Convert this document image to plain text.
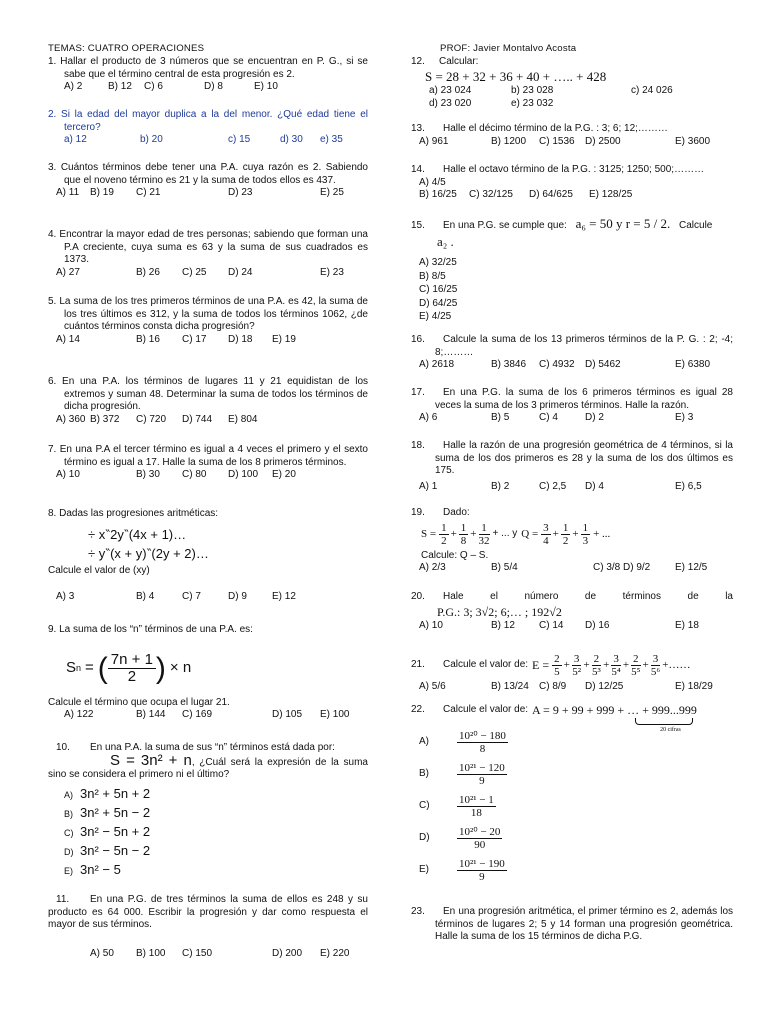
TEMAS: CUATRO OPERACIONES	PROF: Javier Montalvo Acosta
1. Hallar el producto de 3 números que se encuentran en P. G., si se sabe que el término central de esta progresión es 2.
A) 2	B) 12 C) 6	D) 8	E) 10
2. Si la edad del mayor duplica a la del menor. ¿Qué edad tiene el tercero?
a) 12	b) 20	c) 15	d) 30 e) 35
3. Cuántos términos debe tener una P.A. cuya razón es 2. Sabiendo que el noveno término es 21 y la suma de todos ellos es 437.
A) 11 B) 19 C) 21	D) 23	E) 25
4. Encontrar la mayor edad de tres personas; sabiendo que forman una P.A creciente, cuya suma es 63 y la suma de sus cuadrados es 1373.
A) 27	B) 26 C) 25 D) 24	E) 23
5. La suma de los tres primeros términos de una P.A. es 42, la suma de los tres últimos es 312, y la suma de todos los términos 1062, ¿de cuántos términos consta dicha progresión?
A) 14	B) 16 C) 17 D) 18 E) 19
6. En una P.A. los términos de lugares 11 y 21 equidistan de los extremos y suman 48. Determinar la suma de todos los términos de dicha progresión.
A) 360 B) 372 C) 720 D) 744 E) 804
7. En una P.A el tercer término es igual a 4 veces el primero y el sexto término es igual a 17. Halle la suma de los 8 primeros términos.
A) 10	B) 30 C) 80 D) 100 E) 20
8. Dadas las progresiones aritméticas:
÷ x‶2y‶(4x + 1)…
÷ y‶(x + y)‶(2y + 2)…
Calcule el valor de (xy)
A) 3	B) 4	C) 7	D) 9	E) 12
9. La suma de los “n” términos de una P.A. es:
S n = ( $\frac{7n + 1}{2}$ ) × n
Calcule el término que ocupa el lugar 21.
A) 122	B) 144 C) 169	D) 105 E) 100
10. En una P.A. la suma de sus “n” términos está dada por:
S = 3n² + n, ¿Cuál será la expresión de la suma sino se considera el primero ni el último?
A) 3n² + 5n + 2
B) 3n² + 5n − 2
C) 3n² − 5n + 2
D) 3n² − 5n − 2
E) 3n² − 5
11. En una P.G. de tres términos la suma de ellos es 248 y su producto es 64 000. Escribir la progresión y dar como respuesta el mayor de sus términos.
A) 50 B) 100 C) 150	D) 200 E) 220
12. Calcular:
S = 28 + 32 + 36 + 40 + ….. + 428
a) 23 024	b) 23 028	c) 24 026
d) 23 020	e) 23 032
13. Halle el décimo término de la P.G. : 3; 6; 12;………
A) 961	B) 1200 C) 1536 D) 2500	E) 3600
14. Halle el octavo término de la P.G. : 3125; 1250; 500;………
A) 4/5
B) 16/25 C) 32/125 D) 64/625 E) 128/25
15. En una P.G. se cumple que: a₆ = 50 y r = 5 / 2. Calcule
a₂ .
A) 32/25
B) 8/5
C) 16/25
D) 64/25
E) 4/25
16. Calcule la suma de los 13 primeros términos de la P. G. : 2; -4; 8;………
A) 2618	B) 3846 C) 4932 D) 5462	E) 6380
17. En una P.G. la suma de los 6 primeros términos es igual 28 veces la suma de los 3 primeros términos. Halle la razón.
A) 6	B) 5	C) 4	D) 2	E) 3
18. Halle la razón de una progresión geométrica de 4 términos, si la suma de los dos primeros es 28 y la suma de los dos últimos es 175.
A) 1	B) 2	C) 2,5 D) 4	E) 6,5
19. Dado:
$S = \frac{1}{2} + \frac{1}{8} + \frac{1}{32}$ + ... y $Q = \frac{3}{4} + \frac{1}{2} + \frac{1}{3}$ + ...
Calcule: Q – S.
A) 2/3	B) 5/4	C) 3/8 D) 9/2 E) 12/5
20. Hale el número de términos de la
P.G.: 3; 3√2; 6;… ; 192√2
A) 10	B) 12 C) 14 D) 16	E) 18
21.	Calcule el valor de: $E = \frac{2}{5} + \frac{3}{\text{5²}} + \frac{2}{\text{5³}} + \frac{3}{\text{5⁴}} + \frac{2}{\text{5⁵}} + \frac{3}{\text{5⁶}}$ +……
A) 5/6	B) 13/24 C) 8/9 D) 12/25	E) 18/29
22.	Calcule el valor de: A = 9 + 99 + 999 + … + 999...999
20 cifras
A)	$\frac{\text{10²⁰ − 180}}{8}$
B)	$\frac{\text{10²¹ − 120}}{9}$
C)	$\frac{\text{10²¹ − 1}}{18}$
D)	$\frac{\text{10²⁰ − 20}}{90}$
E)	$\frac{\text{10²¹ − 190}}{9}$
23. En una progresión aritmética, el primer término es 2, además los términos de lugares 2; 5 y 14 forman una progresión geométrica. Halle la suma de los 15 términos de dicha P.G.
